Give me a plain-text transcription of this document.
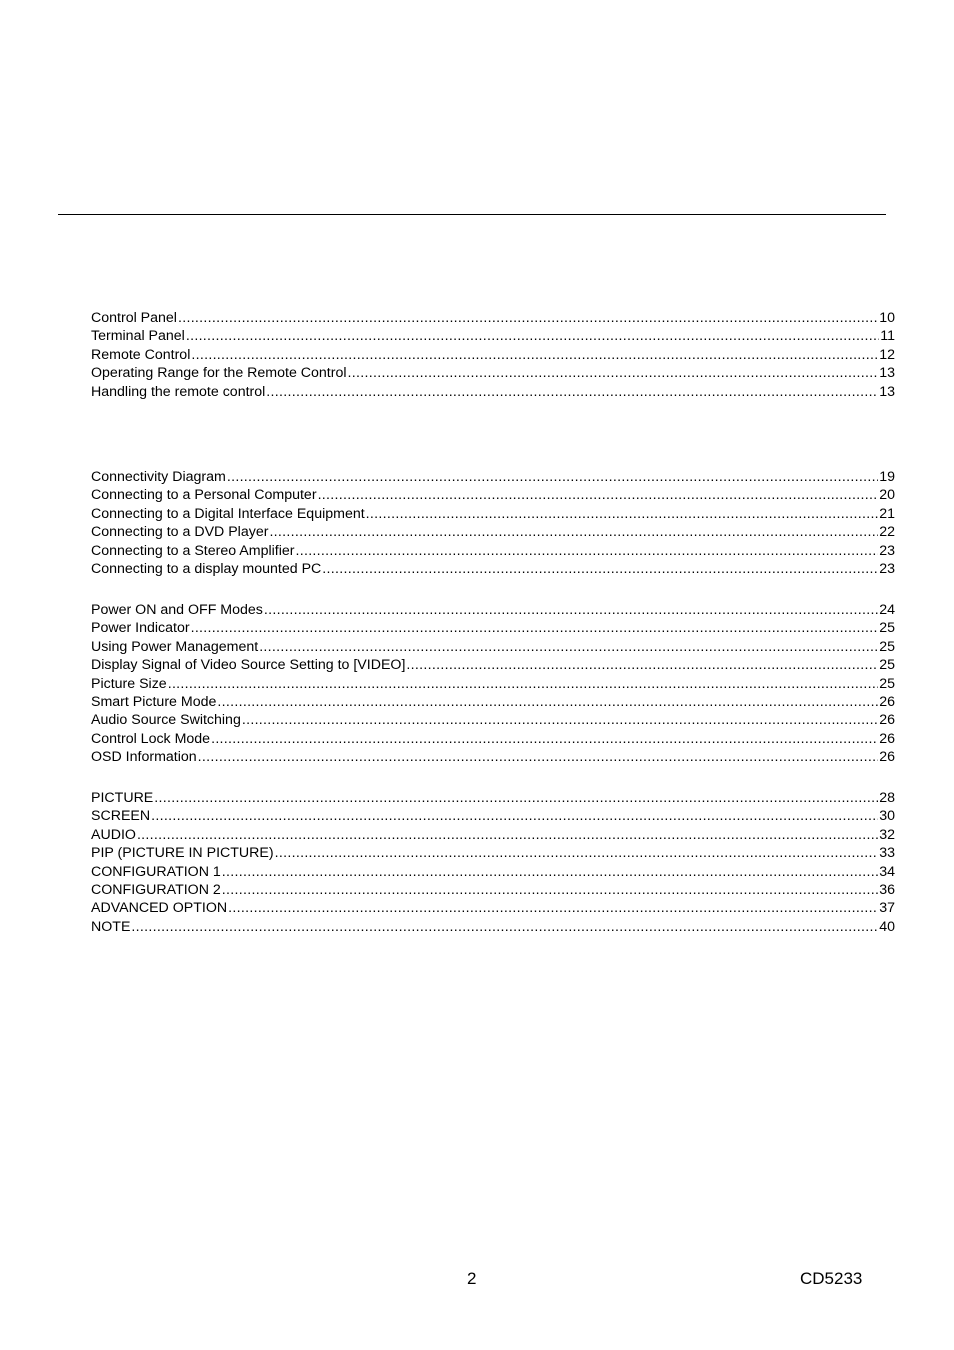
Control Panel .....	10
Terminal Panel .....	11
Remote Control .....	12
Operating Range for the Remote Control .....	13
Handling the remote control .....	13
Connectivity Diagram .....	19
Connecting to a Personal Computer .....	20
Connecting to a Digital Interface Equipment .....	21
Connecting to a DVD Player .....	22
Connecting to a Stereo Amplifier .....	23
Connecting to a display mounted PC .....	23
Power ON and OFF Modes .....	24
Power Indicator .....	25
Using Power Management .....	25
Display Signal of Video Source Setting to [VIDEO] .....	25
Picture Size .....	25
Smart Picture Mode .....	26
Audio Source Switching .....	26
Control Lock Mode .....	26
OSD Information .....	26
PICTURE .....	28
SCREEN .....	30
AUDIO .....	32
PIP (PICTURE IN PICTURE) .....	33
CONFIGURATION 1 .....	34
CONFIGURATION 2 .....	36
ADVANCED OPTION .....	37
NOTE .....	40
2	CD5233
